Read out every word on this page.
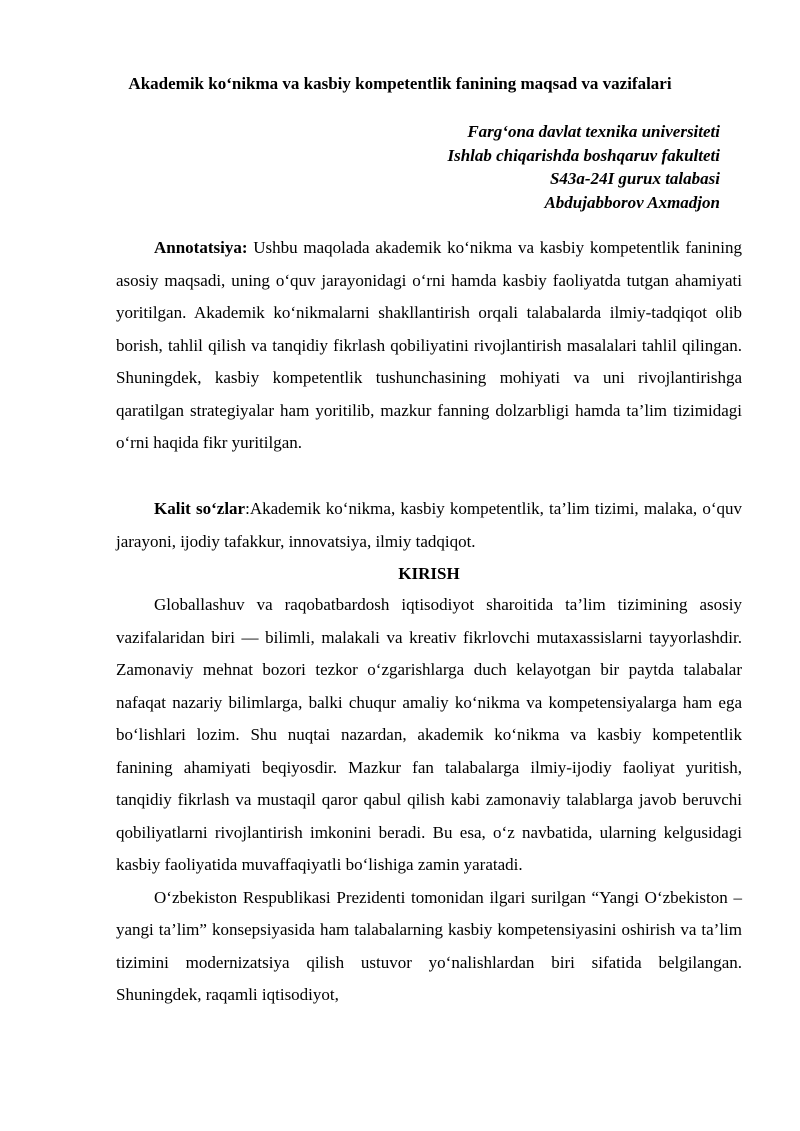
Akademik ko‘nikma va kasbiy kompetentlik fanining maqsad va vazifalari
Farg‘ona davlat texnika universiteti
Ishlab chiqarishda boshqaruv fakulteti
S43a-24I gurux talabasi
Abdujabborov Axmadjon

Annotatsiya: Ushbu maqolada akademik ko‘nikma va kasbiy kompetentlik fanining asosiy maqsadi, uning o‘quv jarayonidagi o‘rni hamda kasbiy faoliyatda tutgan ahamiyati yoritilgan. Akademik ko‘nikmalarni shakllantirish orqali talabalarda ilmiy-tadqiqot olib borish, tahlil qilish va tanqidiy fikrlash qobiliyatini rivojlantirish masalalari tahlil qilingan. Shuningdek, kasbiy kompetentlik tushunchasining mohiyati va uni rivojlantirishga qaratilgan strategiyalar ham yoritilib, mazkur fanning dolzarbligi hamda ta’lim tizimidagi o‘rni haqida fikr yuritilgan.

Kalit so‘zlar:Akademik ko‘nikma, kasbiy kompetentlik, ta’lim tizimi, malaka, o‘quv jarayoni, ijodiy tafakkur, innovatsiya, ilmiy tadqiqot.

KIRISH

Globallashuv va raqobatbardosh iqtisodiyot sharoitida ta’lim tizimining asosiy vazifalaridan biri — bilimli, malakali va kreativ fikrlovchi mutaxassislarni tayyorlashdir. Zamonaviy mehnat bozori tezkor o‘zgarishlarga duch kelayotgan bir paytda talabalar nafaqat nazariy bilimlarga, balki chuqur amaliy ko‘nikma va kompetensiyalarga ham ega bo‘lishlari lozim. Shu nuqtai nazardan, akademik ko‘nikma va kasbiy kompetentlik fanining ahamiyati beqiyosdir. Mazkur fan talabalarga ilmiy-ijodiy faoliyat yuritish, tanqidiy fikrlash va mustaqil qaror qabul qilish kabi zamonaviy talablarga javob beruvchi qobiliyatlarni rivojlantirish imkonini beradi. Bu esa, o‘z navbatida, ularning kelgusidagi kasbiy faoliyatida muvaffaqiyatli bo‘lishiga zamin yaratadi.

O‘zbekiston Respublikasi Prezidenti tomonidan ilgari surilgan “Yangi O‘zbekiston – yangi ta’lim” konsepsiyasida ham talabalarning kasbiy kompetensiyasini oshirish va ta’lim tizimini modernizatsiya qilish ustuvor yo‘nalishlardan biri sifatida belgilangan. Shuningdek, raqamli iqtisodiyot,
